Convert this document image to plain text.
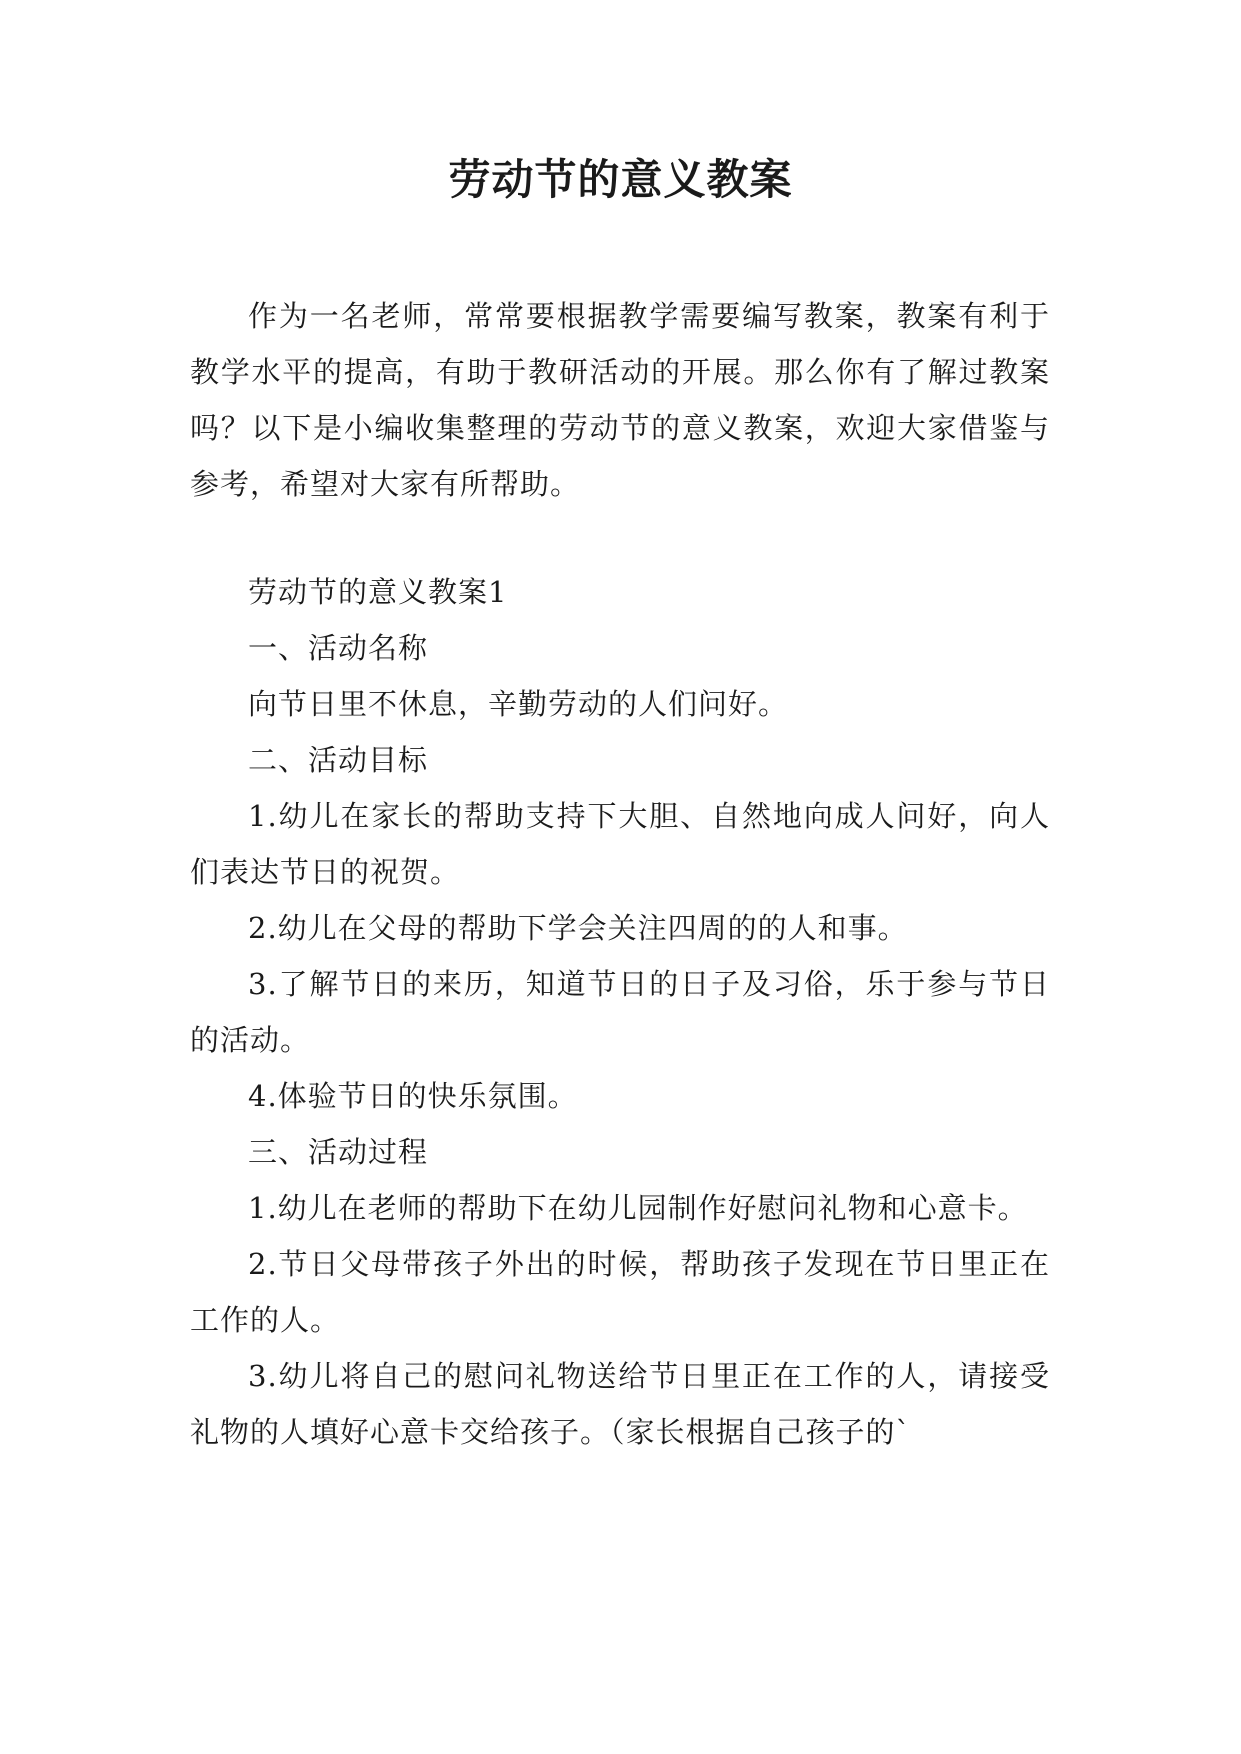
劳动节的意义教案

作为一名老师，常常要根据教学需要编写教案，教案有利于教学水平的提高，有助于教研活动的开展。那么你有了解过教案吗？以下是小编收集整理的劳动节的意义教案，欢迎大家借鉴与参考，希望对大家有所帮助。

劳动节的意义教案1

一、活动名称

向节日里不休息，辛勤劳动的人们问好。

二、活动目标

1.幼儿在家长的帮助支持下大胆、自然地向成人问好，向人们表达节日的祝贺。

2.幼儿在父母的帮助下学会关注四周的的人和事。

3.了解节日的来历，知道节日的日子及习俗，乐于参与节日的活动。

4.体验节日的快乐氛围。

三、活动过程

1.幼儿在老师的帮助下在幼儿园制作好慰问礼物和心意卡。

2.节日父母带孩子外出的时候，帮助孩子发现在节日里正在工作的人。

3.幼儿将自己的慰问礼物送给节日里正在工作的人，请接受礼物的人填好心意卡交给孩子。（家长根据自己孩子的`
